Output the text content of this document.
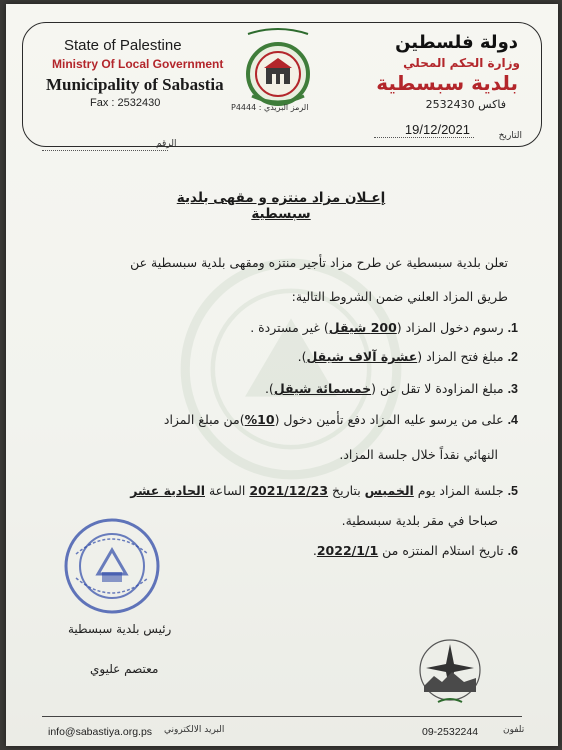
State of Palestine
Ministry Of Local Government
Municipality of Sabastia
Fax : 2532430
دولة فلسطين
وزارة الحكم المحلي
بلدية سبسطية
فاكس 2532430
الرمز البريدي : P4444
19/12/2021	التاريخ
الرقم
إعـلان مزاد منتزه و مقهى بلدية سبسطية
تعلن بلدية سبسطية عن طرح مزاد تأجير منتزه ومقهى بلدية سبسطية عن
طريق المزاد العلني ضمن الشروط التالية:
1. رسوم دخول المزاد (200 شيقل) غير مستردة .
2. مبلغ فتح المزاد (عشرة آلاف شيقل).
3. مبلغ المزاودة لا تقل عن (خمسمائة شيقل).
4. على من يرسو عليه المزاد دفع تأمين دخول (10%)من مبلغ المزاد
النهائي نقداً خلال جلسة المزاد.
5. جلسة المزاد يوم الخميس بتاريخ 2021/12/23 الساعة الحادية عشر
صباحا في مقر بلدية سبسطية.
6. تاريخ استلام المنتزه من 2022/1/1.
رئيس بلدية سبسطية
معتصم عليوي
info@sabastiya.org.ps البريد الالكتروني	09-2532244	تلفون
